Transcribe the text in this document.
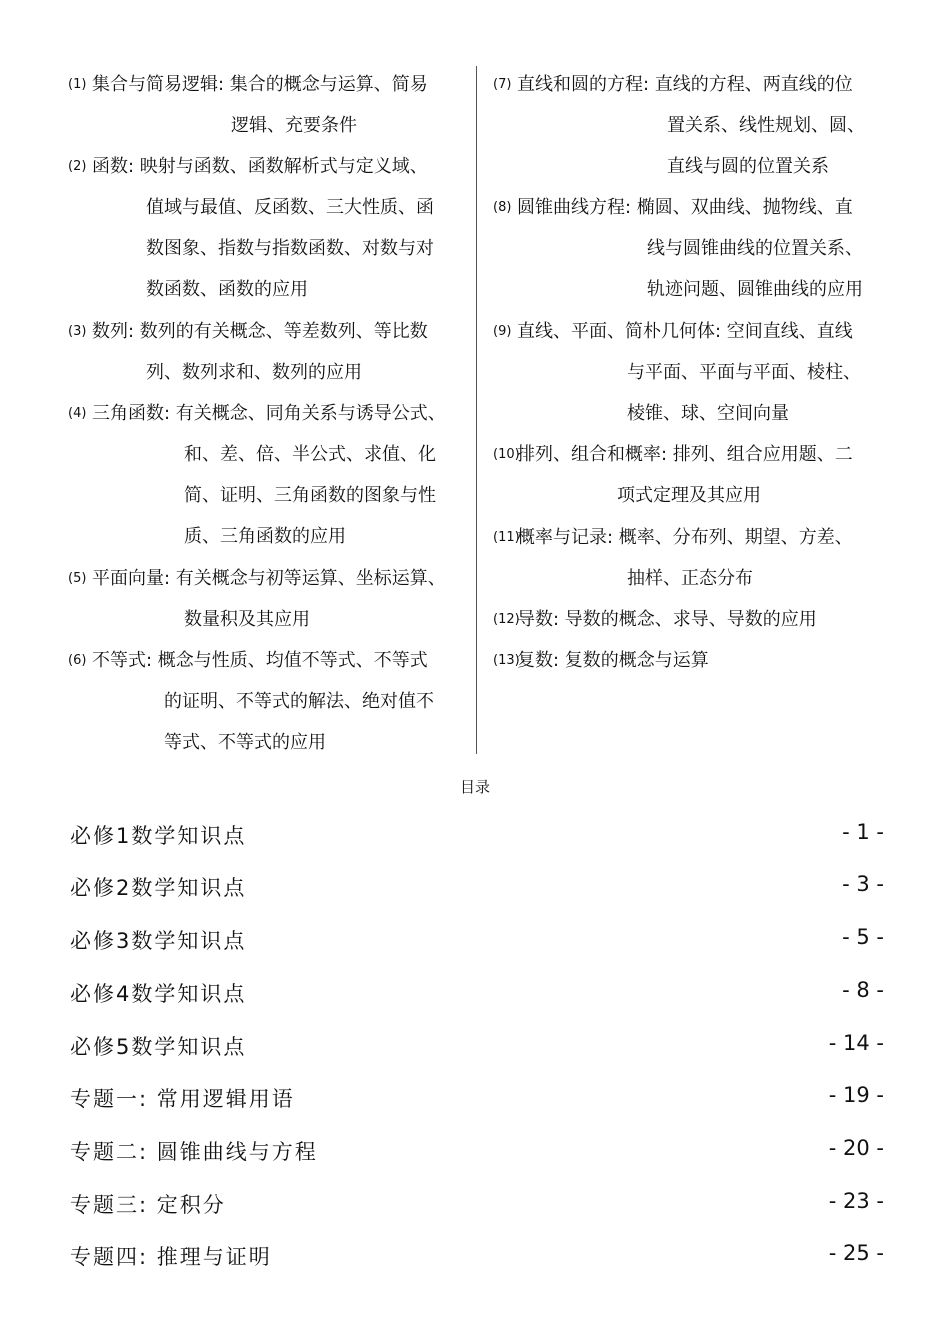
(1) 集合与简易逻辑: 集合的概念与运算、简易
逻辑、充要条件
(2) 函数: 映射与函数、函数解析式与定义域、
值域与最值、反函数、三大性质、函
数图象、指数与指数函数、对数与对
数函数、函数的应用
(3) 数列: 数列的有关概念、等差数列、等比数
列、数列求和、数列的应用
(4) 三角函数: 有关概念、同角关系与诱导公式、
和、差、倍、半公式、求值、化
简、证明、三角函数的图象与性
质、三角函数的应用
(5) 平面向量: 有关概念与初等运算、坐标运算、
数量积及其应用
(6) 不等式: 概念与性质、均值不等式、不等式
的证明、不等式的解法、绝对值不
等式、不等式的应用
(7) 直线和圆的方程: 直线的方程、两直线的位
置关系、线性规划、圆、
直线与圆的位置关系
(8) 圆锥曲线方程: 椭圆、双曲线、抛物线、直
线与圆锥曲线的位置关系、
轨迹问题、圆锥曲线的应用
(9) 直线、平面、简朴几何体: 空间直线、直线
与平面、平面与平面、棱柱、
棱锥、球、空间向量
(10)
排列、组合和概率: 排列、组合应用题、二
项式定理及其应用
(11)
概率与记录: 概率、分布列、期望、方差、
抽样、正态分布
(12)
导数: 导数的概念、求导、导数的应用
(13)
复数: 复数的概念与运算
目录
必修1数学知识点	- 1 -
必修2数学知识点	- 3 -
必修3数学知识点	- 5 -
必修4数学知识点	- 8 -
必修5数学知识点	- 14 -
专题一: 常用逻辑用语	- 19 -
专题二: 圆锥曲线与方程	- 20 -
专题三: 定积分	- 23 -
专题四: 推理与证明	- 25 -
